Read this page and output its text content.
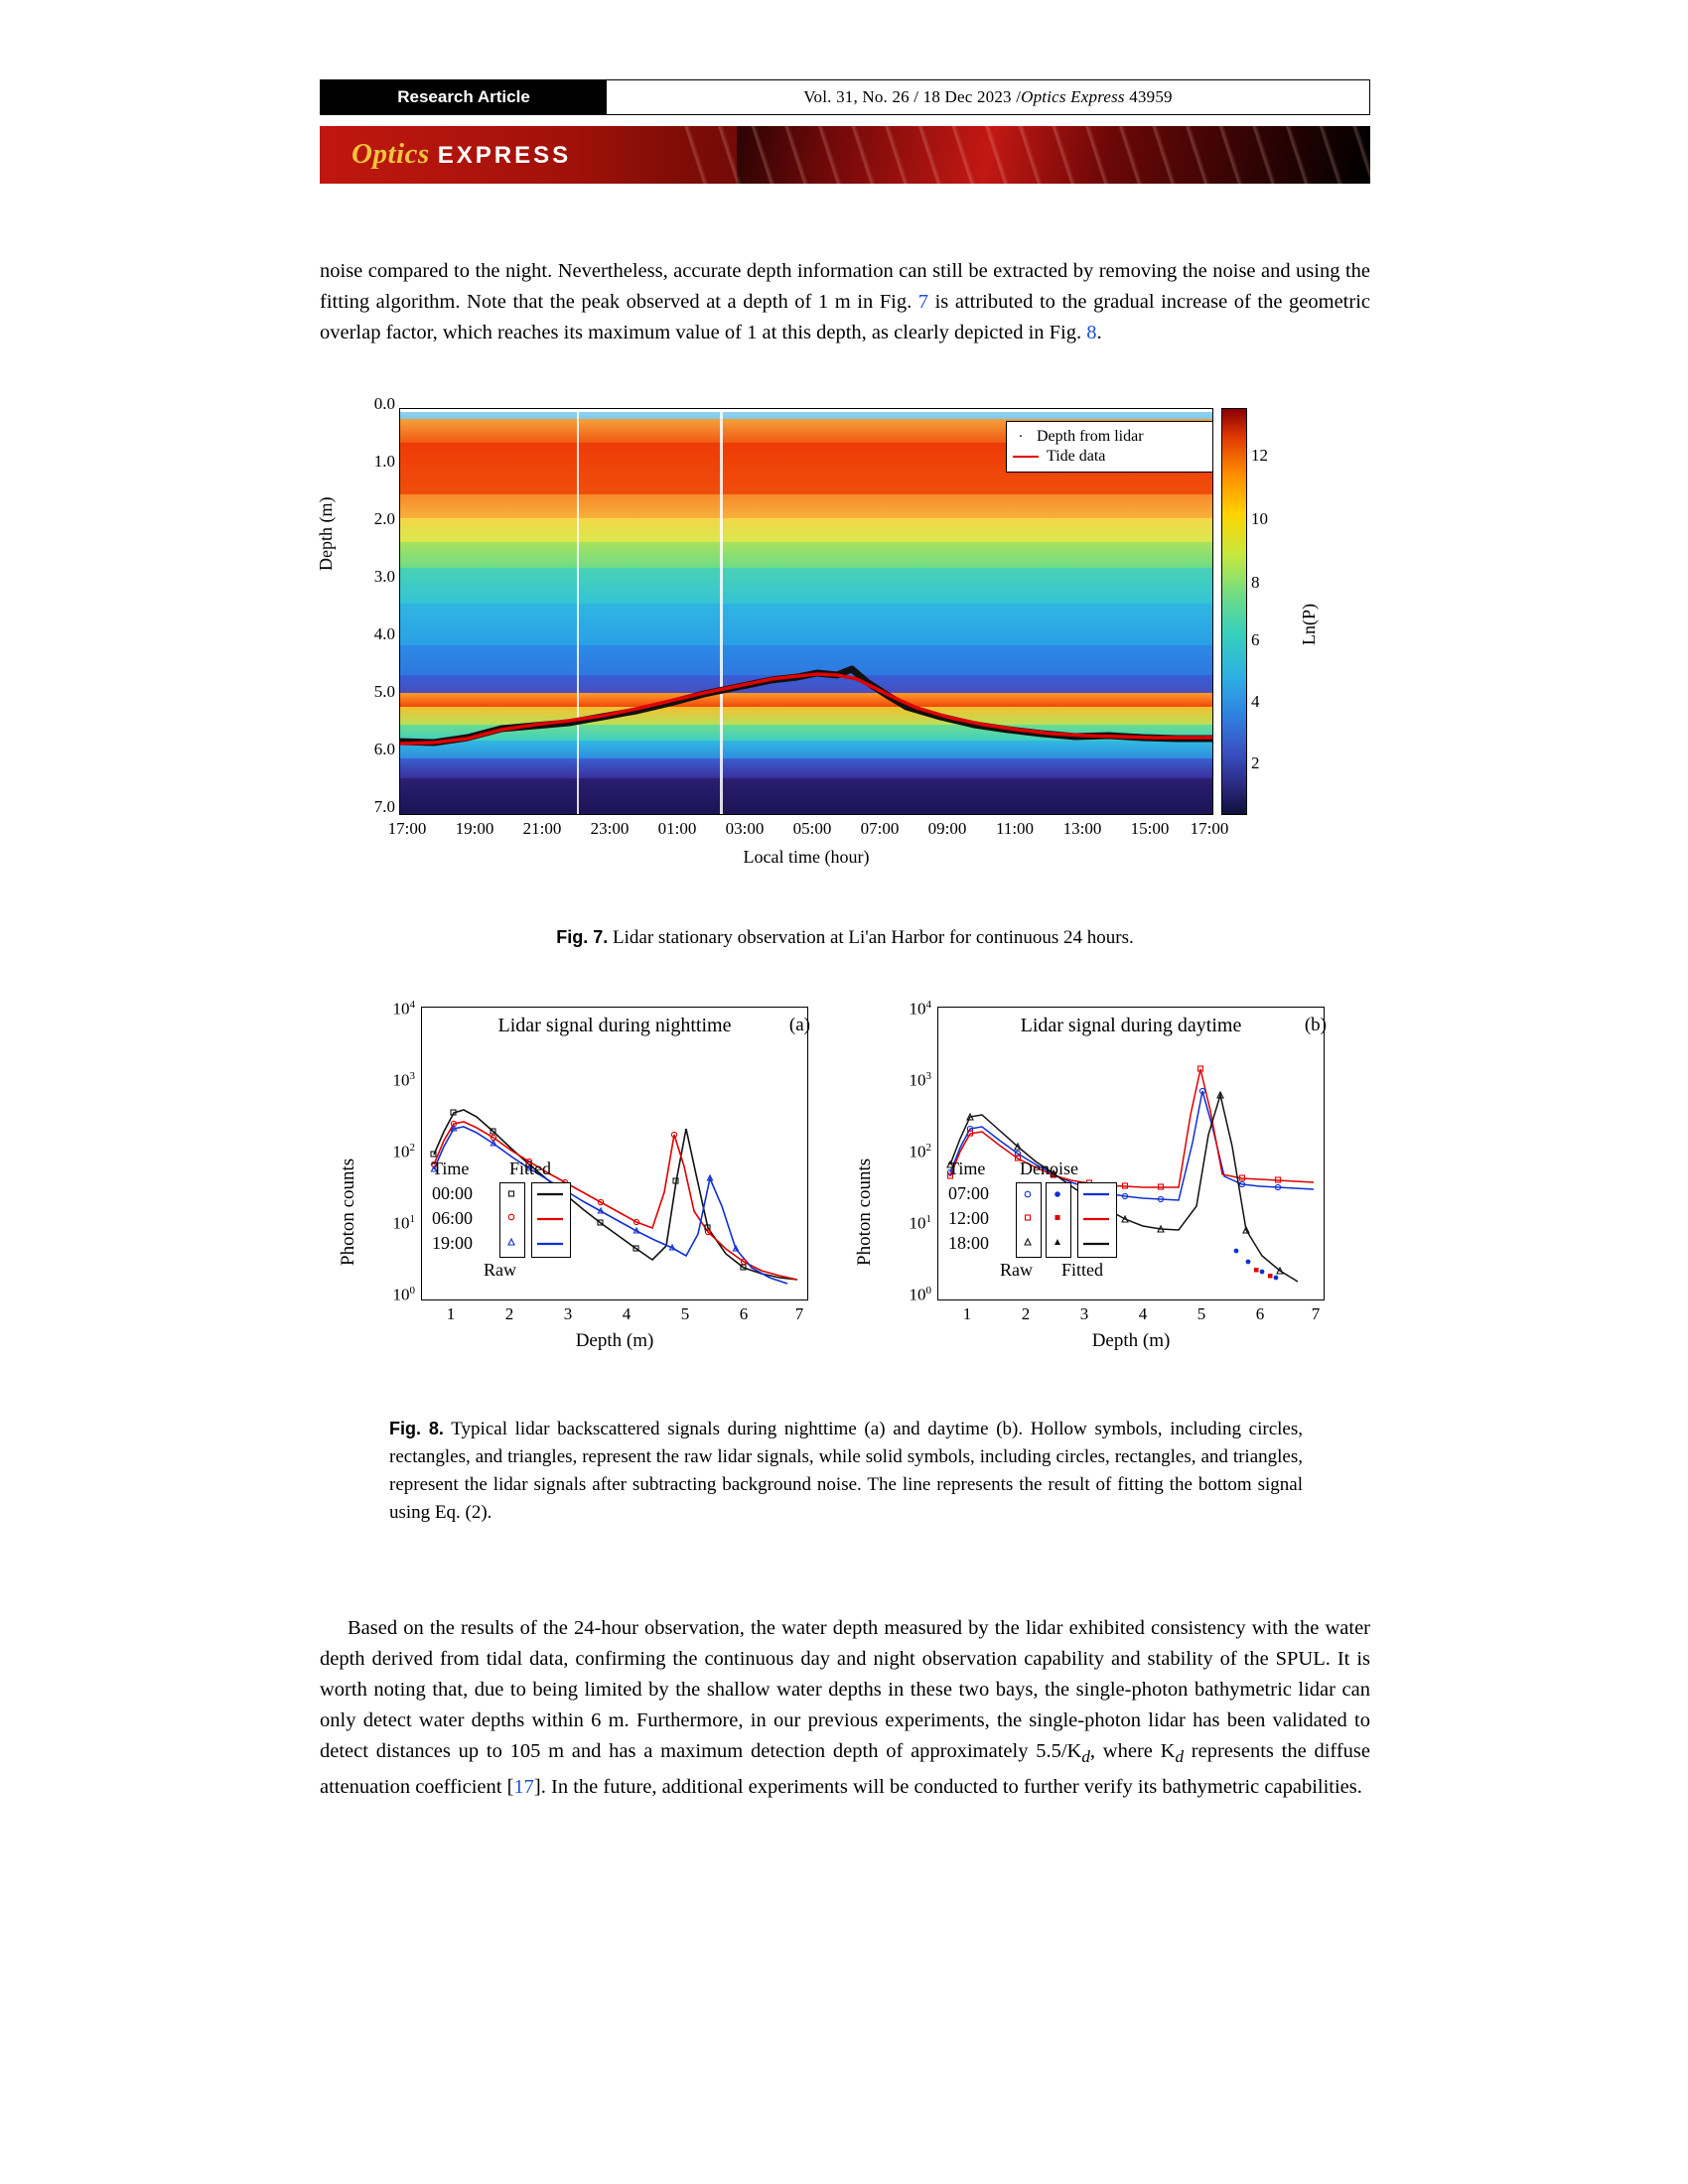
Research Article	Vol. 31, No. 26 / 18 Dec 2023 / Optics Express
43959
Optics EXPRESS
noise compared to the night. Nevertheless, accurate depth information can still be extracted by removing the noise and using the fitting algorithm. Note that the peak observed at a depth of 1 m in Fig. 7 is attributed to the gradual increase of the geometric overlap factor, which reaches its maximum value of 1 at this depth, as clearly depicted in Fig. 8.
Depth (m)
0.0
1.0
2.0
3.0
4.0
5.0
6.0
7.0
· Depth from lidar
Tide data	12
10
8
6
4
2
Ln(P)
17:00 19:00 21:00 23:00 01:00 03:00 05:00 07:00 09:00 11:00 13:00 15:00 17:00
Local time (hour)
Fig. 7. Lidar stationary observation at Li'an Harbor for continuous 24 hours.
Photon counts
$10^4$
$10^3$
$10^2$
$10^1$
$10^0$
Time
00:00
06:00
19:00
Fitted
Raw
Lidar signal during nighttime	(a)
1	2	3	4	5	6	7
Depth (m)
Photon counts
$10^4$
$10^3$
$10^2$
$10^1$
$10^0$
Time
07:00
12:00
18:00
Denoise
Raw Fitted
Lidar signal during daytime	(b)
1	2	3	4	5	6	7
Depth (m)
Fig. 8. Typical lidar backscattered signals during nighttime (a) and daytime (b). Hollow symbols, including circles, rectangles, and triangles, represent the raw lidar signals, while solid symbols, including circles, rectangles, and triangles, represent the lidar signals after subtracting background noise. The line represents the result of fitting the bottom signal using Eq. (2).
Based on the results of the 24-hour observation, the water depth measured by the lidar exhibited consistency with the water depth derived from tidal data, confirming the continuous day and night observation capability and stability of the SPUL. It is worth noting that, due to being limited by the shallow water depths in these two bays, the single-photon bathymetric lidar can only detect water depths within 6 m. Furthermore, in our previous experiments, the single-photon lidar has been validated to detect distances up to 105 m and has a maximum detection depth of approximately $5.5/K_d$, where $K_d$ represents the diffuse attenuation coefficient [17]. In the future, additional experiments will be conducted to further verify its bathymetric capabilities.
